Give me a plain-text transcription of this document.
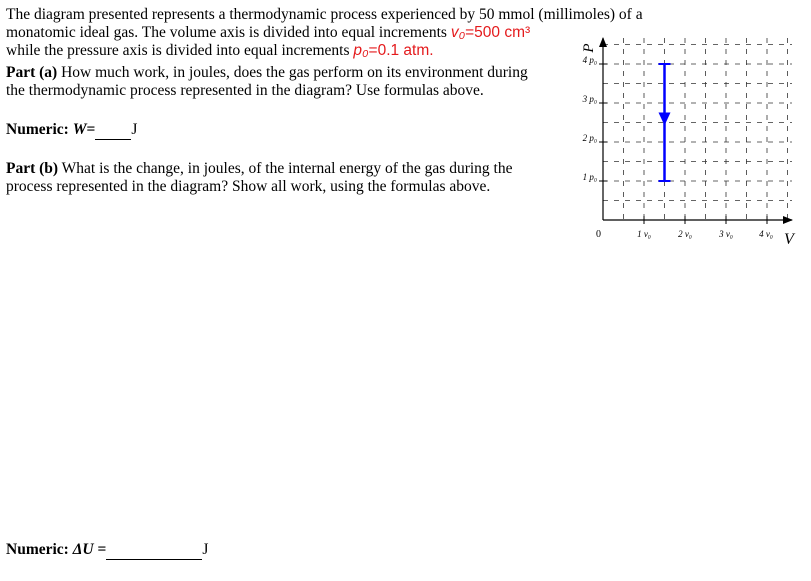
The diagram presented represents a thermodynamic process experienced by 50 mmol (millimoles) of a
monatomic ideal gas. The volume axis is divided into equal increments v₀=500 cm³
while the pressure axis is divided into equal increments p₀=0.1 atm.
Part (a) How much work, in joules, does the gas perform on its environment during
the thermodynamic process represented in the diagram? Use formulas above.
Numeric: W= J
Part (b) What is the change, in joules, of the internal energy of the gas during the
process represented in the diagram? Show all work, using the formulas above.
Numeric: ΔU =	J
P
V
0
4 p₀
3 p₀
2 p₀
1 p₀
1 v₀	2 v₀	3 v₀	4 v₀
